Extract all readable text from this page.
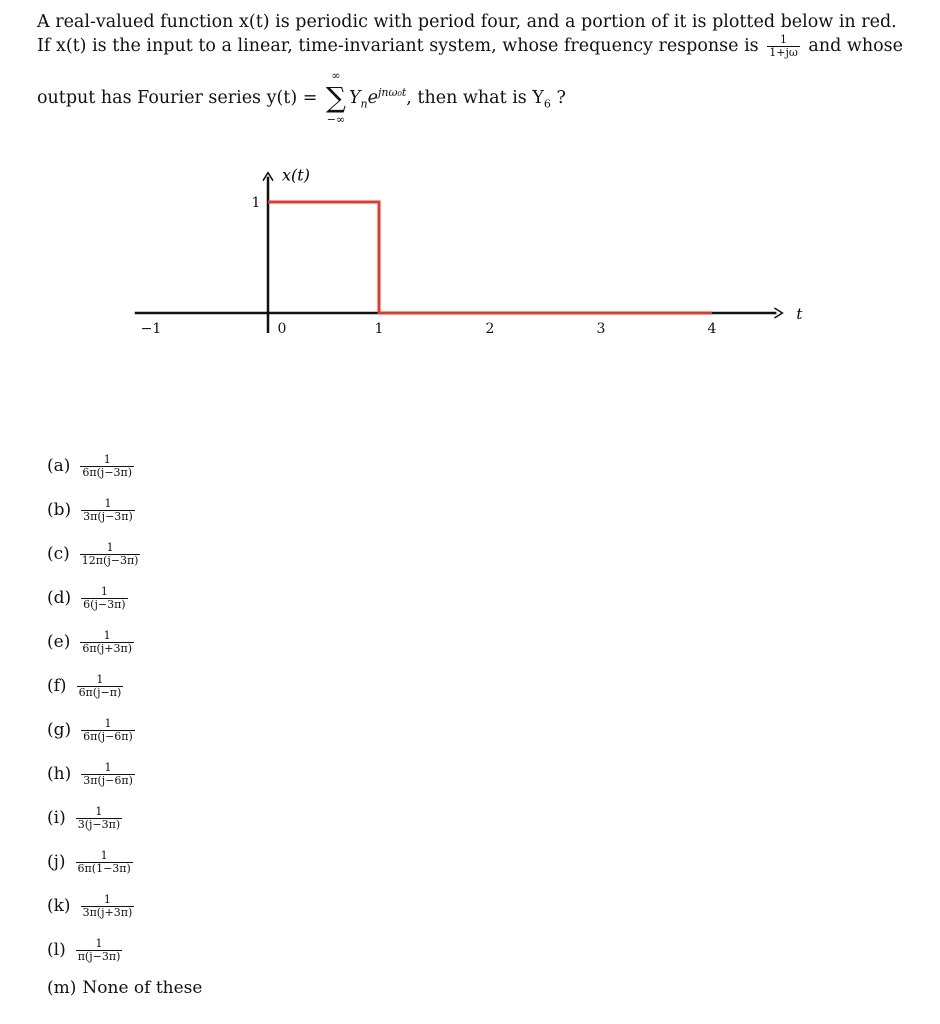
A real-valued function x(t) is periodic with period four, and a portion of it is plotted below in red.
If x(t) is the input to a linear, time-invariant system, whose frequency response is $\frac{1}{1+j\omega}$ and whose
output has Fourier series y(t) = ∑
∞
−∞
$Y_ne^{jn\omega_0t}$, then what is $Y_6$ ?
−1	0	1	2	3	4
1
x(t)
t
$(a) \frac{1}{6\pi(j-3\pi)}$
$(b) \frac{1}{3\pi(j-3\pi)}$
$(c) \frac{1}{12\pi(j-3\pi)}$
$(d) \frac{1}{6(j-3\pi)}$
$(e) \frac{1}{6\pi(j+3\pi)}$
$(f) \frac{1}{6\pi(j-\pi)}$
$(g) \frac{1}{6\pi(j-6\pi)}$
$(h) \frac{1}{3\pi(j-6\pi)}$
$(i) \frac{1}{3(j-3\pi)}$
$(j) \frac{1}{6\pi(1-3\pi)}$
$(k) \frac{1}{3\pi(j+3\pi)}$
$(l) \frac{1}{\pi(j-3\pi)}$
(m) None of these
